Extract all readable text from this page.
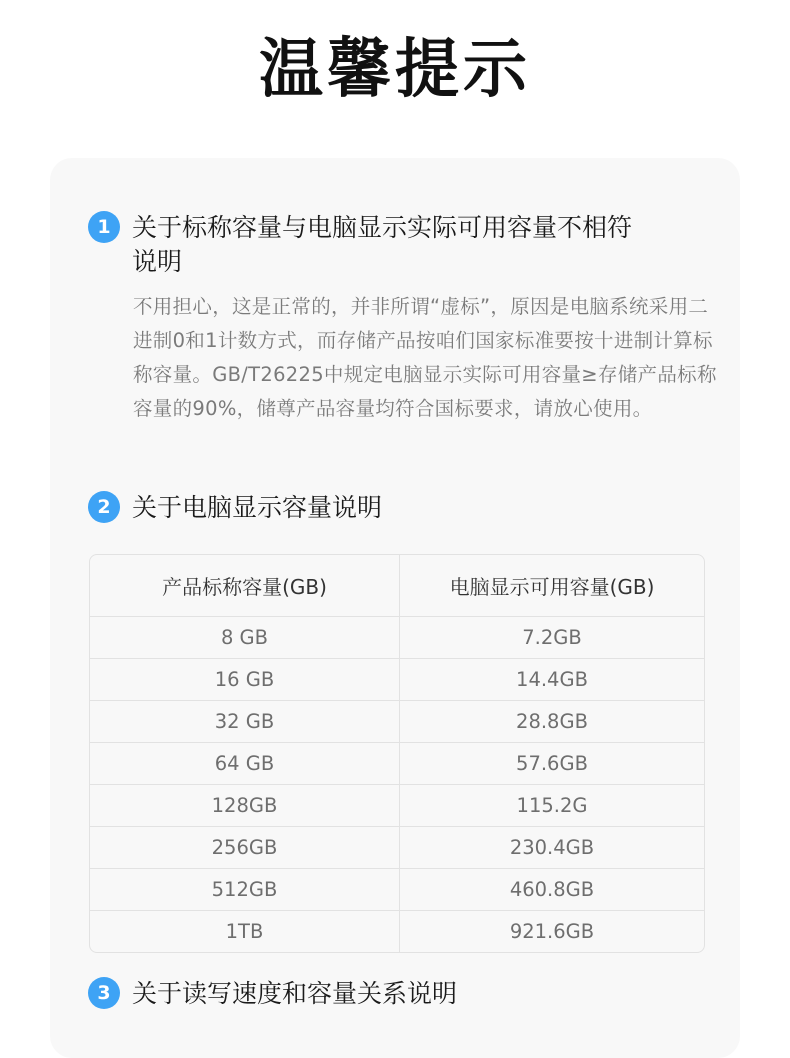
温馨提示
1 关于标称容量与电脑显示实际可用容量不相符说明
不用担心，这是正常的，并非所谓“虚标”，原因是电脑系统采用二进制0和1计数方式，而存储产品按咱们国家标准要按十进制计算标称容量。GB/T26225中规定电脑显示实际可用容量≥存储产品标称容量的90%，储尊产品容量均符合国标要求，请放心使用。
2 关于电脑显示容量说明
产品标称容量(GB)	电脑显示可用容量(GB)
8 GB	7.2GB
16 GB	14.4GB
32 GB	28.8GB
64 GB	57.6GB
128GB	115.2G
256GB	230.4GB
512GB	460.8GB
1TB	921.6GB
3 关于读写速度和容量关系说明
